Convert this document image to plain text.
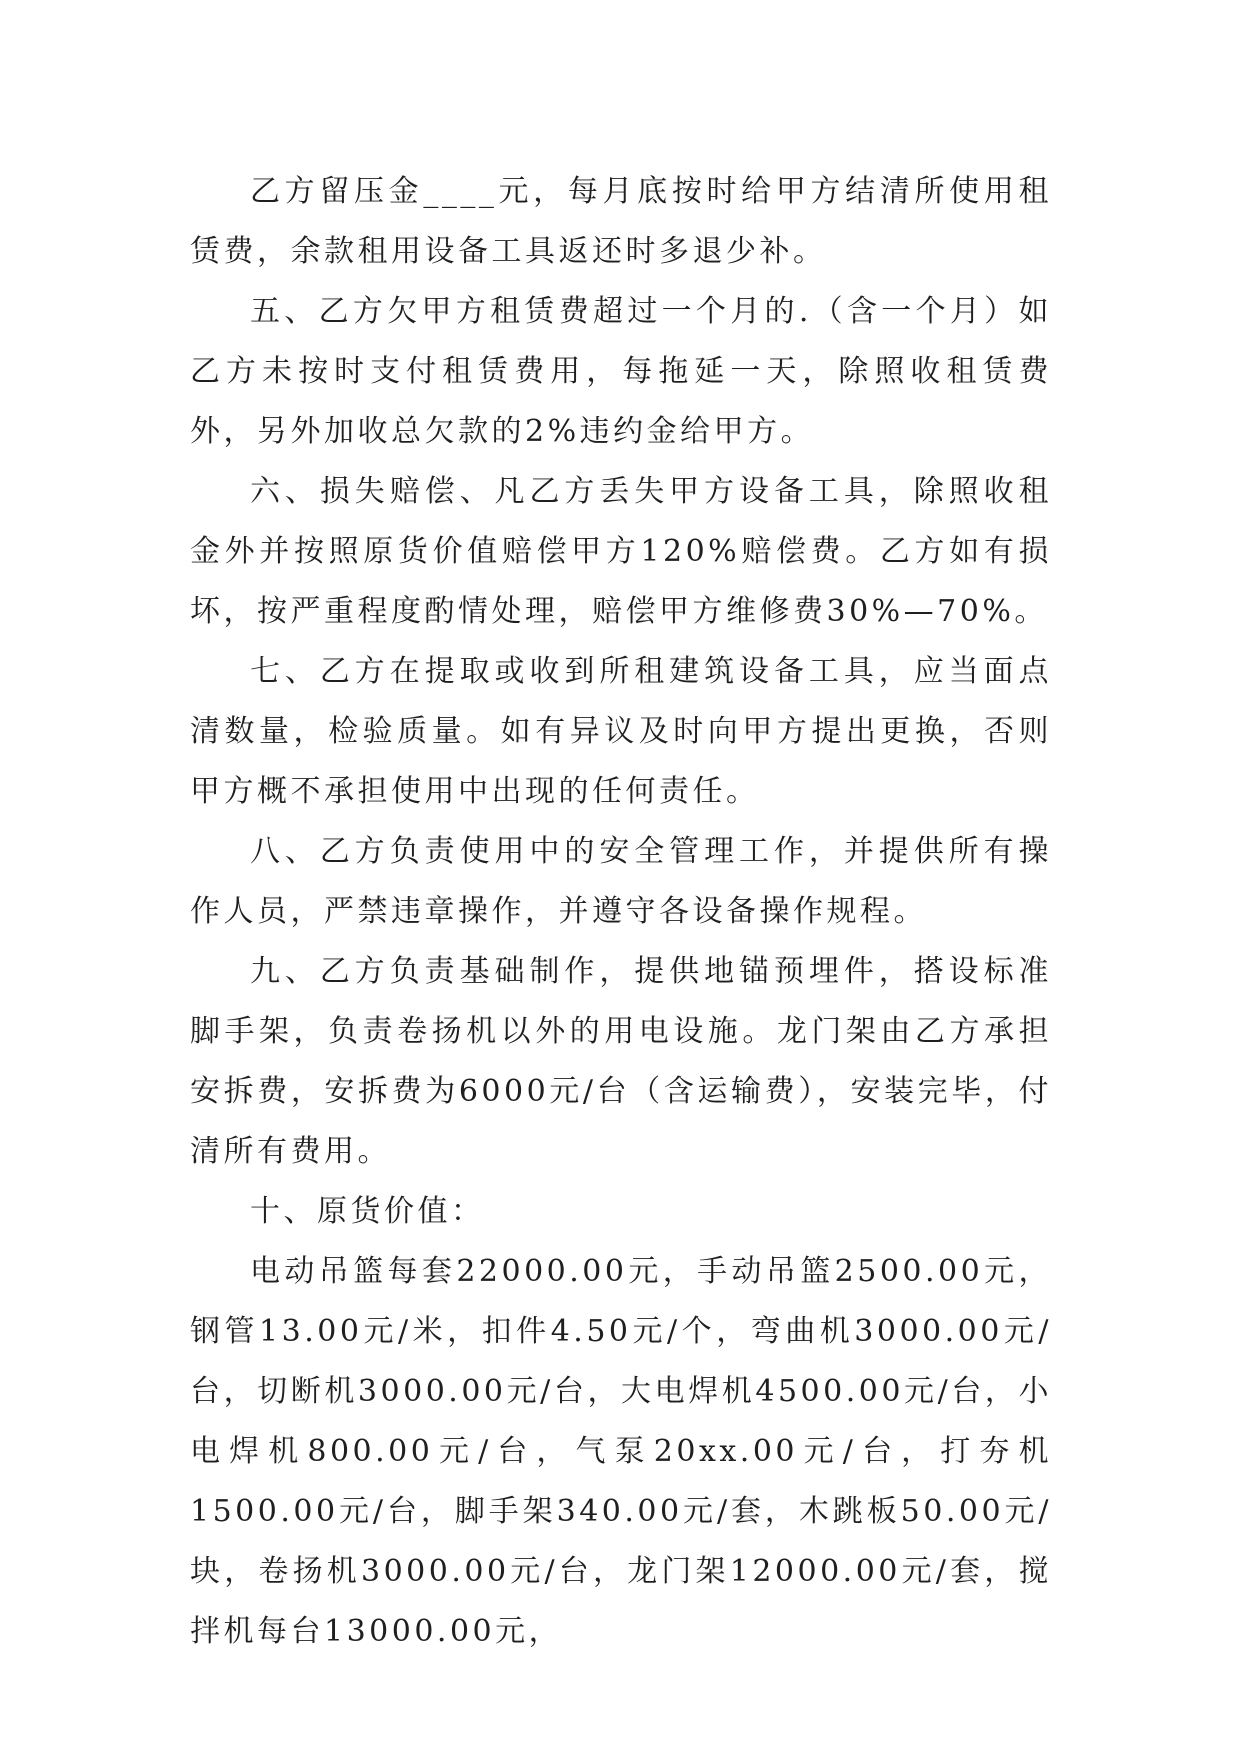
乙方留压金____元，每月底按时给甲方结清所使用租赁费，余款租用设备工具返还时多退少补。

五、乙方欠甲方租赁费超过一个月的.（含一个月）如乙方未按时支付租赁费用，每拖延一天，除照收租赁费外，另外加收总欠款的2%违约金给甲方。

六、损失赔偿、凡乙方丢失甲方设备工具，除照收租金外并按照原货价值赔偿甲方120%赔偿费。乙方如有损坏，按严重程度酌情处理，赔偿甲方维修费30%—70%。

七、乙方在提取或收到所租建筑设备工具，应当面点清数量，检验质量。如有异议及时向甲方提出更换，否则甲方概不承担使用中出现的任何责任。

八、乙方负责使用中的安全管理工作，并提供所有操作人员，严禁违章操作，并遵守各设备操作规程。

九、乙方负责基础制作，提供地锚预埋件，搭设标准脚手架，负责卷扬机以外的用电设施。龙门架由乙方承担安拆费，安拆费为6000元/台（含运输费），安装完毕，付清所有费用。

十、原货价值：

电动吊篮每套22000.00元，手动吊篮2500.00元，钢管13.00元/米，扣件4.50元/个，弯曲机3000.00元/台，切断机3000.00元/台，大电焊机4500.00元/台，小电焊机800.00元/台，气泵20xx.00元/台，打夯机1500.00元/台，脚手架340.00元/套，木跳板50.00元/块，卷扬机3000.00元/台，龙门架12000.00元/套，搅拌机每台13000.00元，
